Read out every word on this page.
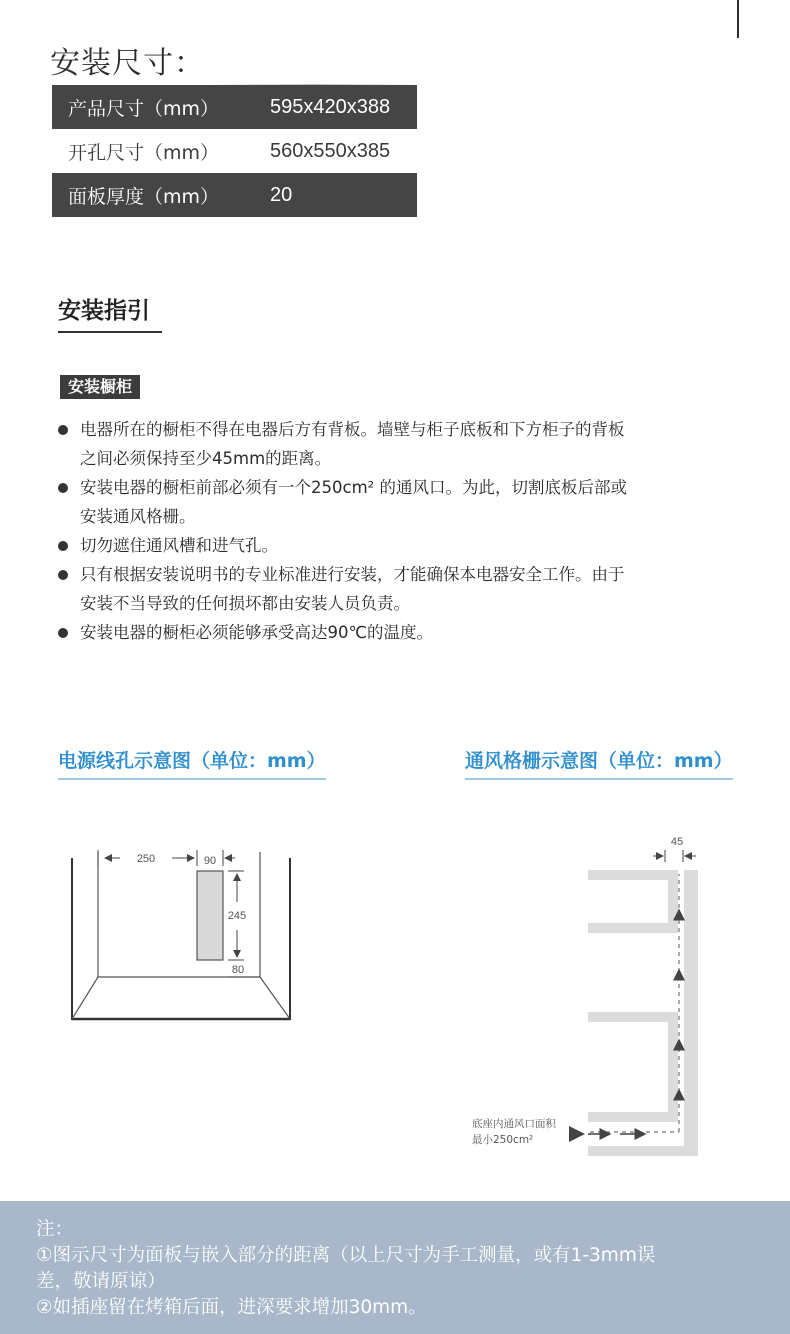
安装尺寸：
产品尺寸（mm）	595x420x388
开孔尺寸（mm）	560x550x385
面板厚度（mm）	20
安装指引
安装橱柜
电器所在的橱柜不得在电器后方有背板。墙壁与柜子底板和下方柜子的背板
之间必须保持至少45mm的距离。
安装电器的橱柜前部必须有一个250cm² 的通风口。为此，切割底板后部或
安装通风格栅。
切勿遮住通风槽和进气孔。
只有根据安装说明书的专业标准进行安装，才能确保本电器安全工作。由于
安装不当导致的任何损坏都由安装人员负责。
安装电器的橱柜必须能够承受高达90℃的温度。
电源线孔示意图（单位：mm）	通风格栅示意图（单位：mm）
250	90
245
80
45
底座内通风口面积
最小250cm²

注：

①图示尺寸为面板与嵌入部分的距离（以上尺寸为手工测量，或有1-3mm误

差，敬请原谅）

②如插座留在烤箱后面，进深要求增加30mm。
